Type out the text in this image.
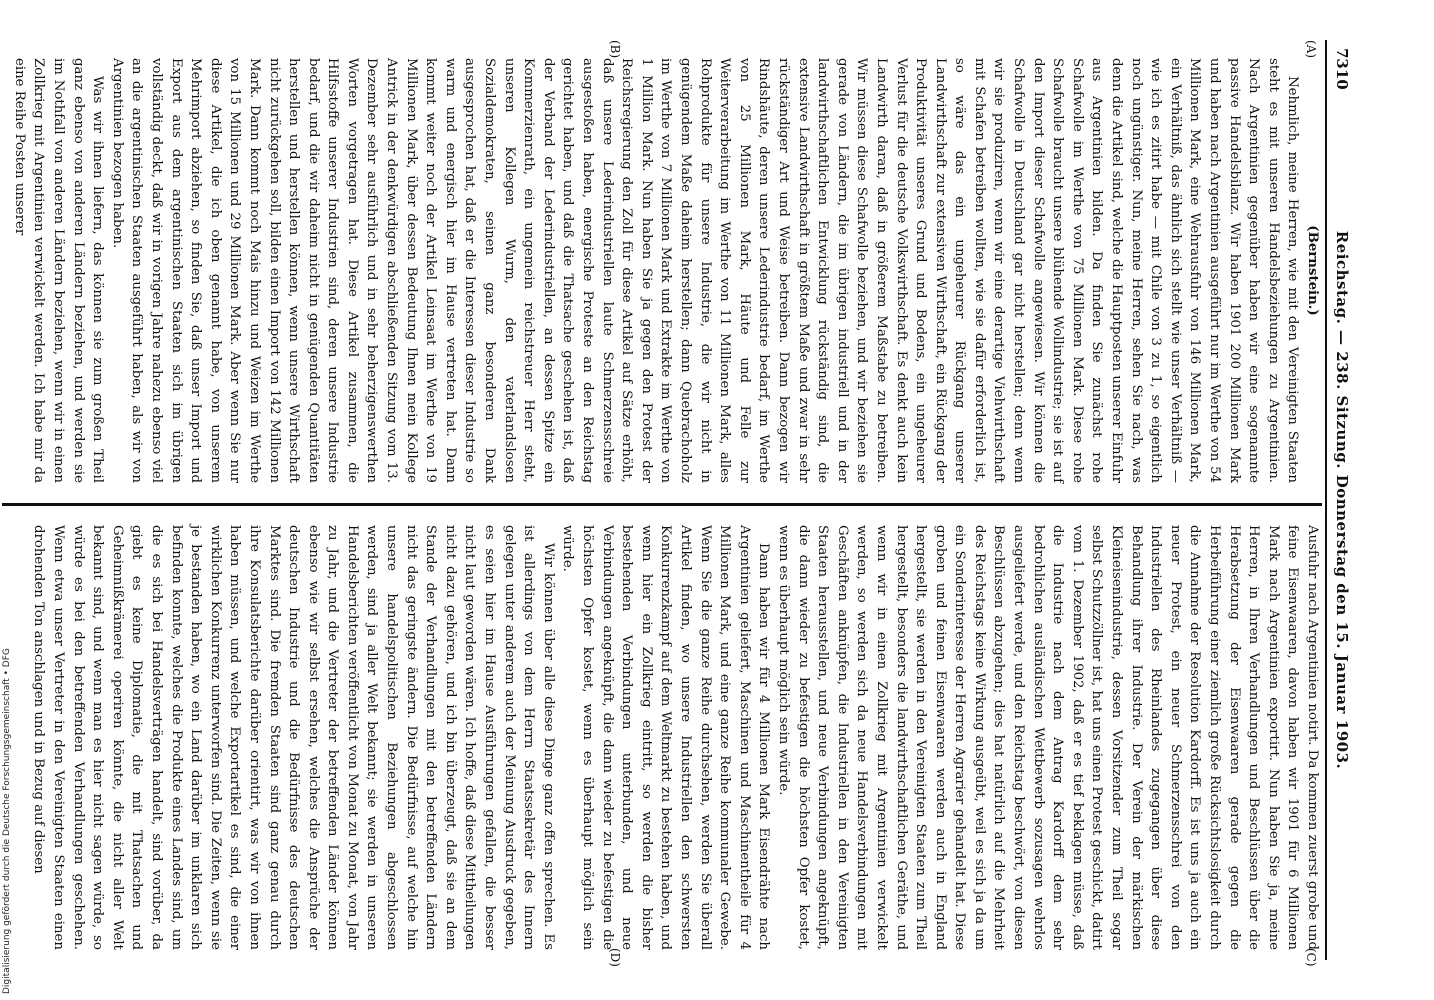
Digitalisierung gefördert durch die Deutsche Forschungsgemeinschaft • DFG
7310
Reichstag. — 238. Sitzung. Donnerstag den 15. Januar 1903.
(A)
(B)
(C)
(D)

(Bernstein.)

Nehmlich, meine Herren, wie mit den Vereinigten Staaten steht es mit unseren Handelsbeziehungen zu Argentinien. Nach Argentinien gegenüber haben wir eine sogenannte passive Handelsbilanz. Wir haben 1901 200 Millionen Mark und haben nach Argentinien ausgeführt nur im Werthe von 54 Millionen Mark, eine Wehrausfuhr von 146 Millionen Mark, ein Verhältniß, das ähnlich sich stellt wie unser Verhältniß — wie ich es zitirt habe — mit Chile von 3 zu 1, so eigentlich noch ungünstiger. Nun, meine Herren, sehen Sie nach, was denn die Artikel sind, welche die Hauptposten unserer Einfuhr aus Argentinien bilden. Da finden Sie zunächst rohe Schafwolle im Werthe von 75 Millionen Mark. Diese rohe Schafwolle braucht unsere blühende Wollindustrie; sie ist auf den Import dieser Schafwolle angewiesen. Wir können die Schafwolle in Deutschland gar nicht herstellen; denn wenn wir sie produziren, wenn wir eine derartige Viehwirthschaft mit Schafen betreiben wollten, wie sie dafür erforderlich ist, so wäre das ein ungeheurer Rückgang unserer Landwirthschaft zur extensiven Wirthschaft, ein Rückgang der Produktivität unseres Grund und Bodens, ein ungeheurer Verlust für die deutsche Volkswirthschaft. Es denkt auch kein Landwirth daran, daß in größerem Maßstabe zu betreiben. Wir müssen diese Schafwolle beziehen, und wir beziehen sie gerade von Ländern, die im übrigen industriell und in der landwirthschaftlichen Entwicklung rückständig sind, die extensive Landwirthschaft in größtem Maße und zwar in sehr rückständiger Art und Weise betreiben. Dann bezogen wir Rindshäute, deren unsere Lederindustrie bedarf, im Werthe von 25 Millionen Mark, Häute und Felle zur Weiterverarbeitung im Werthe von 11 Millionen Mark, alles Rohprodukte für unsere Industrie, die wir nicht in genügendem Maße daheim herstellen; dann Quebrachoholz im Werthe von 7 Millionen Mark und Extrakte im Werthe von 1 Million Mark. Nun haben Sie ja gegen den Protest der Reichsregierung den Zoll für diese Artikel auf Sätze erhöht, daß unsere Lederindustriellen laute Schmerzensschreie ausgestoßen haben, energische Proteste an den Reichstag gerichtet haben, und daß die Thatsache geschehen ist, daß der Verband der Lederindustriellen, an dessen Spitze ein Kommerzienrath, ein ungemein reichstreuer Herr steht, unseren Kollegen Wurm, den vaterlandslosen Sozialdemokraten, seinen ganz besonderen Dank ausgesprochen hat, daß er die Interessen dieser Industrie so warm und energisch hier im Hause vertreten hat. Dann kommt weiter noch der Artikel Leinsaat im Werthe von 19 Millionen Mark, über dessen Bedeutung Ihnen mein Kollege Antrick in der denkwürdigen abschließenden Sitzung vom 13. Dezember sehr ausführlich und in sehr beherzigenswerthen Worten vorgetragen hat. Diese Artikel zusammen, die Hilfsstoffe unserer Industrien sind, deren unsere Industrie bedarf, und die wir daheim nicht in genügenden Quantitäten herstellen und herstellen können, wenn unsere Wirthschaft nicht zurückgehen soll, bilden einen Import von 142 Millionen Mark. Dann kommt noch Mais hinzu und Weizen im Werthe von 15 Millionen und 29 Millionen Mark. Aber wenn Sie nur diese Artikel, die ich oben genannt habe, von unserem Mehrimport abziehen, so finden Sie, daß unser Import und Export aus dem argentinischen Staaten sich im übrigen vollständig deckt, daß wir in vorigen Jahre nahezu ebenso viel an die argentinischen Staaten ausgeführt haben, als wir von Argentinien bezogen haben.

Was wir ihnen liefern, das können sie zum großen Theil ganz ebenso von anderen Ländern beziehen, und werden sie im Nothfall von anderen Ländern beziehen, wenn wir in einen Zollkrieg mit Argentinien verwickelt werden. Ich habe mir da eine Reihe Posten unserer

Ausfuhr nach Argentinien notirt. Da kommen zuerst grobe und feine Eisenwaaren, davon haben wir 1901 für 6 Millionen Mark nach Argentinien exportirt. Nun haben Sie ja, meine Herren, in Ihren Verhandlungen und Beschlüssen über die Herabsetzung der Eisenwaaren gerade gegen die Herbeiführung einer ziemlich große Rücksichtslosigkeit durch die Annahme der Resolution Kardorff. Es ist uns ja auch ein neuer Protest, ein neuer Schmerzensschrei von den Industriellen des Rheinlandes zugegangen über diese Behandlung ihrer Industrie. Der Verein der märkischen Kleineisenindustrie, dessen Vorsitzender zum Theil sogar selbst Schutzzöllner ist, hat uns einen Protest geschickt, datirt vom 1. Dezember 1902, daß er es tief beklagen müsse, daß die Industrie nach dem Antrag Kardorff dem sehr bedrohlichen ausländischen Wettbewerb sozusagen wehrlos ausgeliefert werde, und den Reichstag beschwört, von diesen Beschlüssen abzugehen; dies hat natürlich auf die Mehrheit des Reichstags keine Wirkung ausgeübt, weil es sich ja da um ein Sonderinteresse der Herren Agrarier gehandelt hat. Diese groben und feinen Eisenwaaren werden auch in England hergestellt, sie werden in den Vereinigten Staaten zum Theil hergestellt, besonders die landwirthschaftlichen Geräthe, und wenn wir in einen Zollkrieg mit Argentinien verwickelt werden, so werden sich da neue Handelsverbindungen mit Geschäften anknüpfen, die Industriellen in den Vereinigten Staaten herausstellen, und neue Verbindungen angeknüpft, die dann wieder zu befestigen die höchsten Opfer kostet, wenn es überhaupt möglich sein würde.

Dann haben wir für 4 Millionen Mark Eisendrähte nach Argentinien geliefert, Maschinen und Maschinentheile für 4 Millionen Mark, und eine ganze Reihe kommunaler Gewebe. Wenn Sie die ganze Reihe durchsehen, werden Sie überall Artikel finden, wo unsere Industriellen den schwersten Konkurrenzkampf auf dem Weltmarkt zu bestehen haben, und wenn hier ein Zollkrieg eintritt, so werden die bisher bestehenden Verbindungen unterbunden, und neue Verbindungen angeknüpft, die dann wieder zu befestigen die höchsten Opfer kostet, wenn es überhaupt möglich sein würde.

Wir können über alle diese Dinge ganz offen sprechen. Es ist allerdings von dem Herrn Staatssekretär des Innern gelegen unter anderem auch der Meinung Ausdruck gegeben, es seien hier im Hause Ausführungen gefallen, die besser nicht laut geworden wären. Ich hoffe, daß diese Mittheilungen nicht dazu gehören, und ich bin überzeugt, daß sie an dem Stande der Verhandlungen mit den betreffenden Ländern nicht das geringste ändern. Die Bedürfnisse, auf welche hin unsere handelspolitischen Beziehungen abgeschlossen werden, sind ja aller Welt bekannt; sie werden in unseren Handelsberichten veröffentlicht von Monat zu Monat, von Jahr zu Jahr, und die Vertreter der betreffenden Länder können ebenso wie wir selbst ersehen, welches die Ansprüche der deutschen Industrie und die Bedürfnisse des deutschen Marktes sind. Die fremden Staaten sind ganz genau durch ihre Konsulatsberichte darüber orientirt, was wir von ihnen haben müssen, und welche Exportartikel es sind, die einer wirklichen Konkurrenz unterworfen sind. Die Zeiten, wenn sie je bestanden haben, wo ein Land darüber im unklaren sich befinden konnte, welches die Produkte eines Landes sind, um die es sich bei Handelsverträgen handelt, sind vorüber, da giebt es keine Diplomatie, die mit Thatsachen und Geheimnißkrämerei operiren könnte, die nicht aller Welt bekannt sind, und wenn man es hier nicht sagen würde, so würde es bei den betreffenden Verhandlungen geschehen. Wenn etwa unser Vertreter in den Vereinigten Staaten einen drohenden Ton anschlagen und in Bezug auf diesen
